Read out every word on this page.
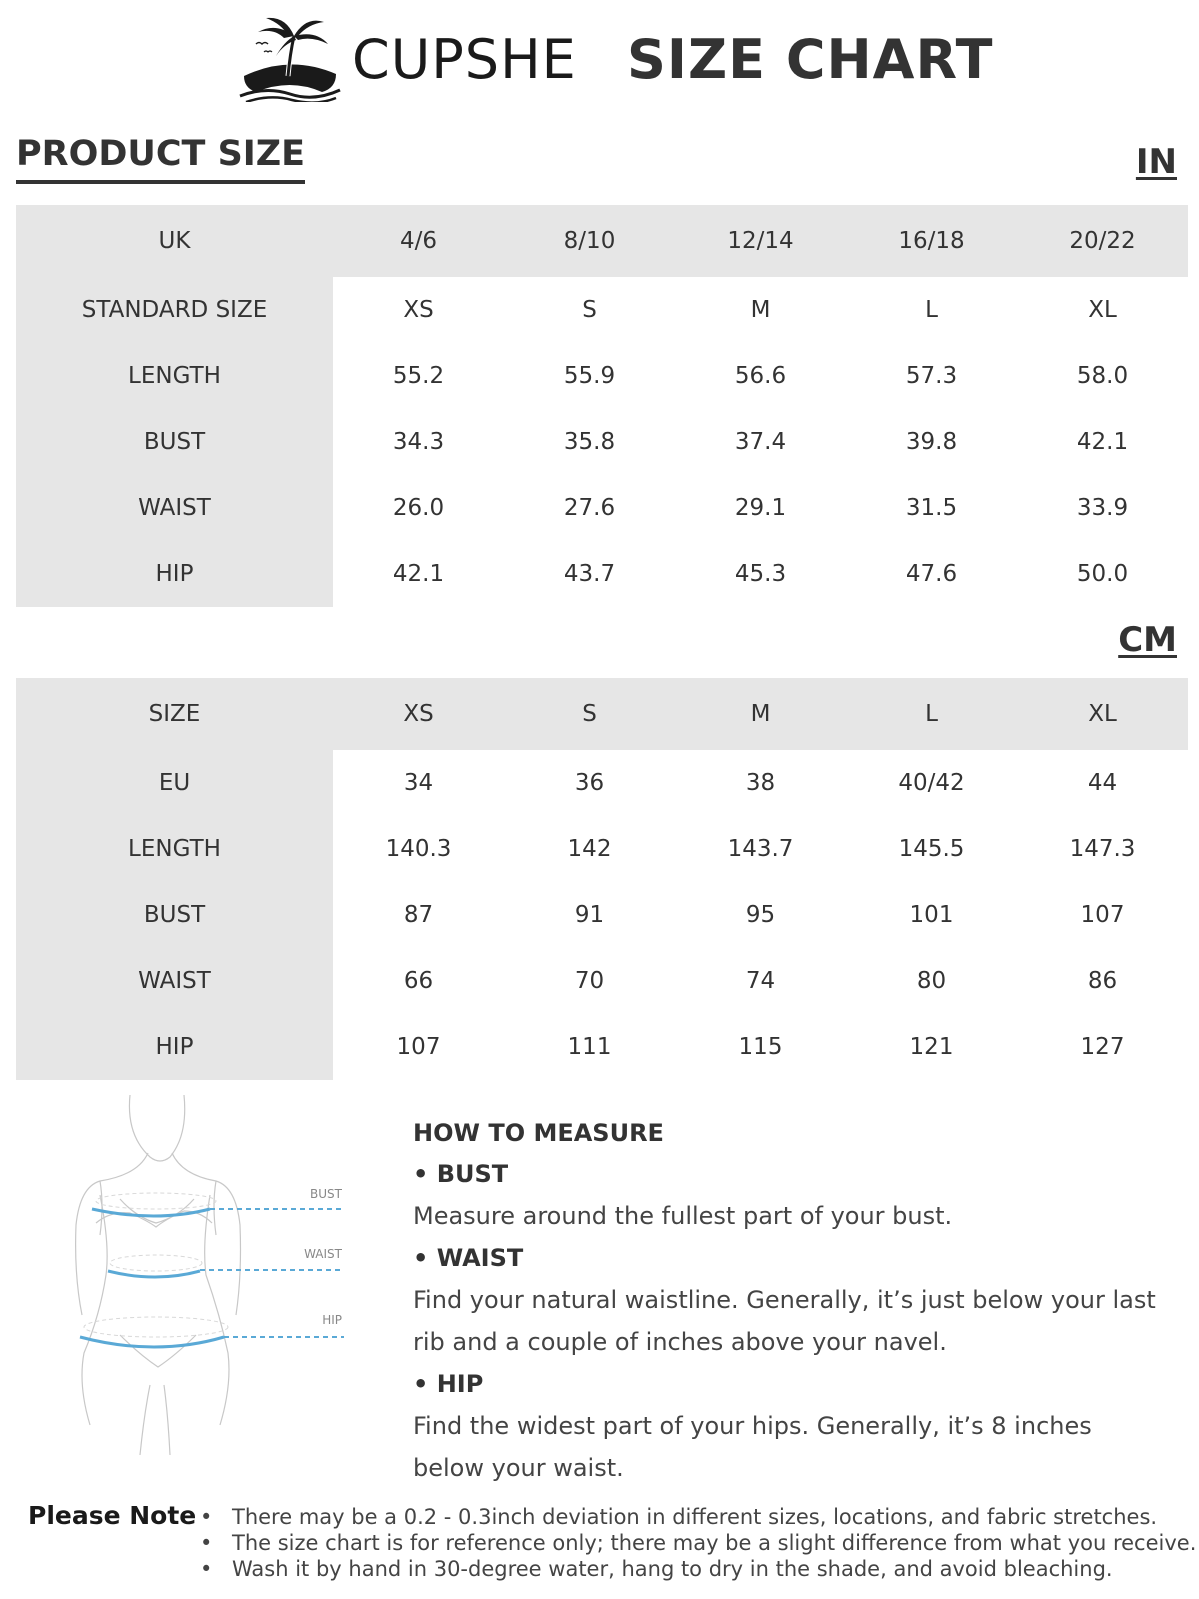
CUPSHE SIZE CHART
PRODUCT SIZE	IN
UK	4/6	8/10	12/14	16/18	20/22
STANDARD SIZE	XS	S	M	L	XL
LENGTH	55.2	55.9	56.6	57.3	58.0
BUST	34.3	35.8	37.4	39.8	42.1
WAIST	26.0	27.6	29.1	31.5	33.9
HIP	42.1	43.7	45.3	47.6	50.0
CM
SIZE	XS	S	M	L	XL
EU	34	36	38	40/42	44
LENGTH	140.3	142	143.7	145.5	147.3
BUST	87	91	95	101	107
WAIST	66	70	74	80	86
HIP	107	111	115	121	127
BUST
WAIST
HIP
HOW TO MEASURE
• BUST
Measure around the fullest part of your bust.
• WAIST
Find your natural waistline. Generally, it’s just below your last
rib and a couple of inches above your navel.
• HIP
Find the widest part of your hips. Generally, it’s 8 inches
below your waist.
Please Note • There may be a 0.2 - 0.3inch deviation in different sizes, locations, and fabric stretches.
• The size chart is for reference only; there may be a slight difference from what you receive.
• Wash it by hand in 30-degree water, hang to dry in the shade, and avoid bleaching.
